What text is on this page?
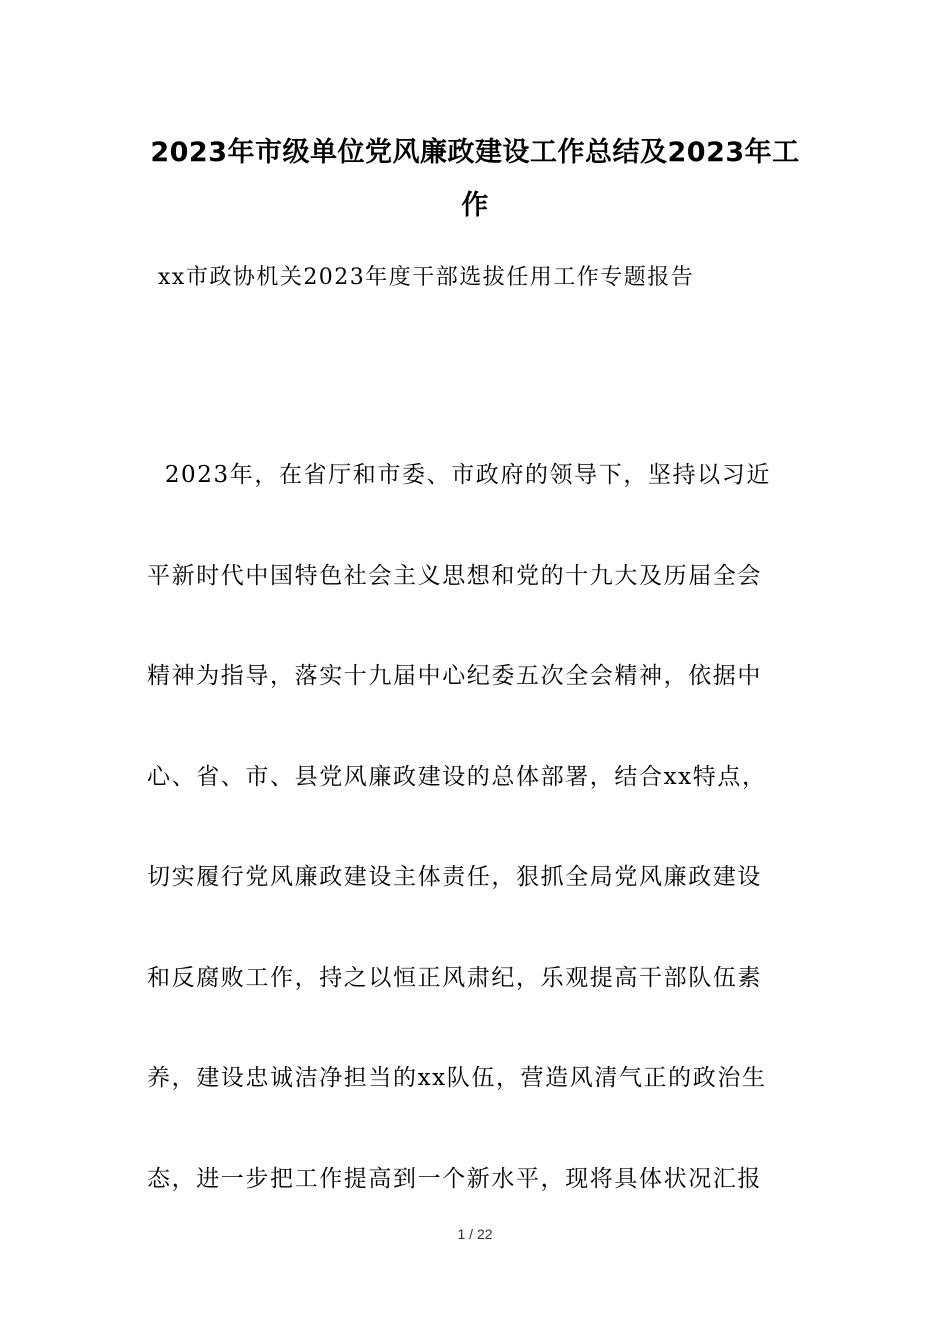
2023年市级单位党风廉政建设工作总结及2023年工
作

xx市政协机关2023年度干部选拔任用工作专题报告

2023年，在省厅和市委、市政府的领导下，坚持以习近
平新时代中国特色社会主义思想和党的十九大及历届全会
精神为指导，落实十九届中心纪委五次全会精神，依据中
心、省、市、县党风廉政建设的总体部署，结合xx特点，
切实履行党风廉政建设主体责任，狠抓全局党风廉政建设
和反腐败工作，持之以恒正风肃纪，乐观提高干部队伍素
养，建设忠诚洁净担当的xx队伍，营造风清气正的政治生
态，进一步把工作提高到一个新水平，现将具体状况汇报
1 / 22
